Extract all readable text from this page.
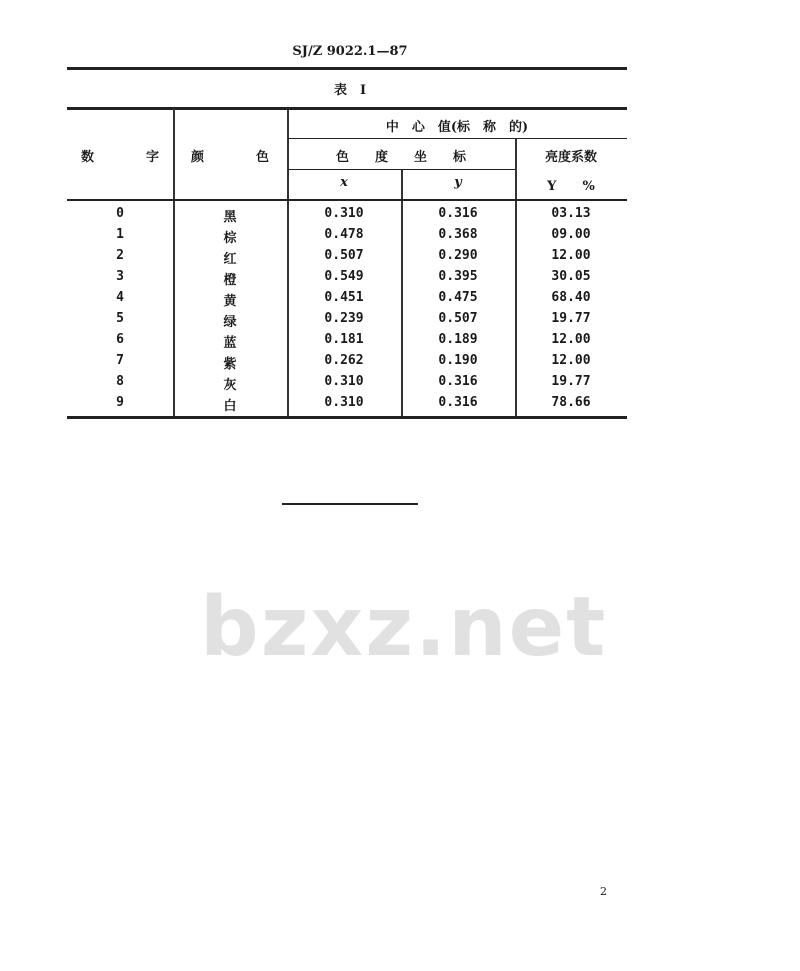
bzxz.net
SJ/Z 9022.1—87
表　I
数　　　　字	颜　　　　色
中　心　值(标　称　的)
色　　度　　坐　　标	亮度系数
x	y	Y　　%
0	黑	0.310	0.316	03.13
1	棕	0.478	0.368	09.00
2	红	0.507	0.290	12.00
3	橙	0.549	0.395	30.05
4	黄	0.451	0.475	68.40
5	绿	0.239	0.507	19.77
6	蓝	0.181	0.189	12.00
7	紫	0.262	0.190	12.00
8	灰	0.310	0.316	19.77
9	白	0.310	0.316	78.66
2
